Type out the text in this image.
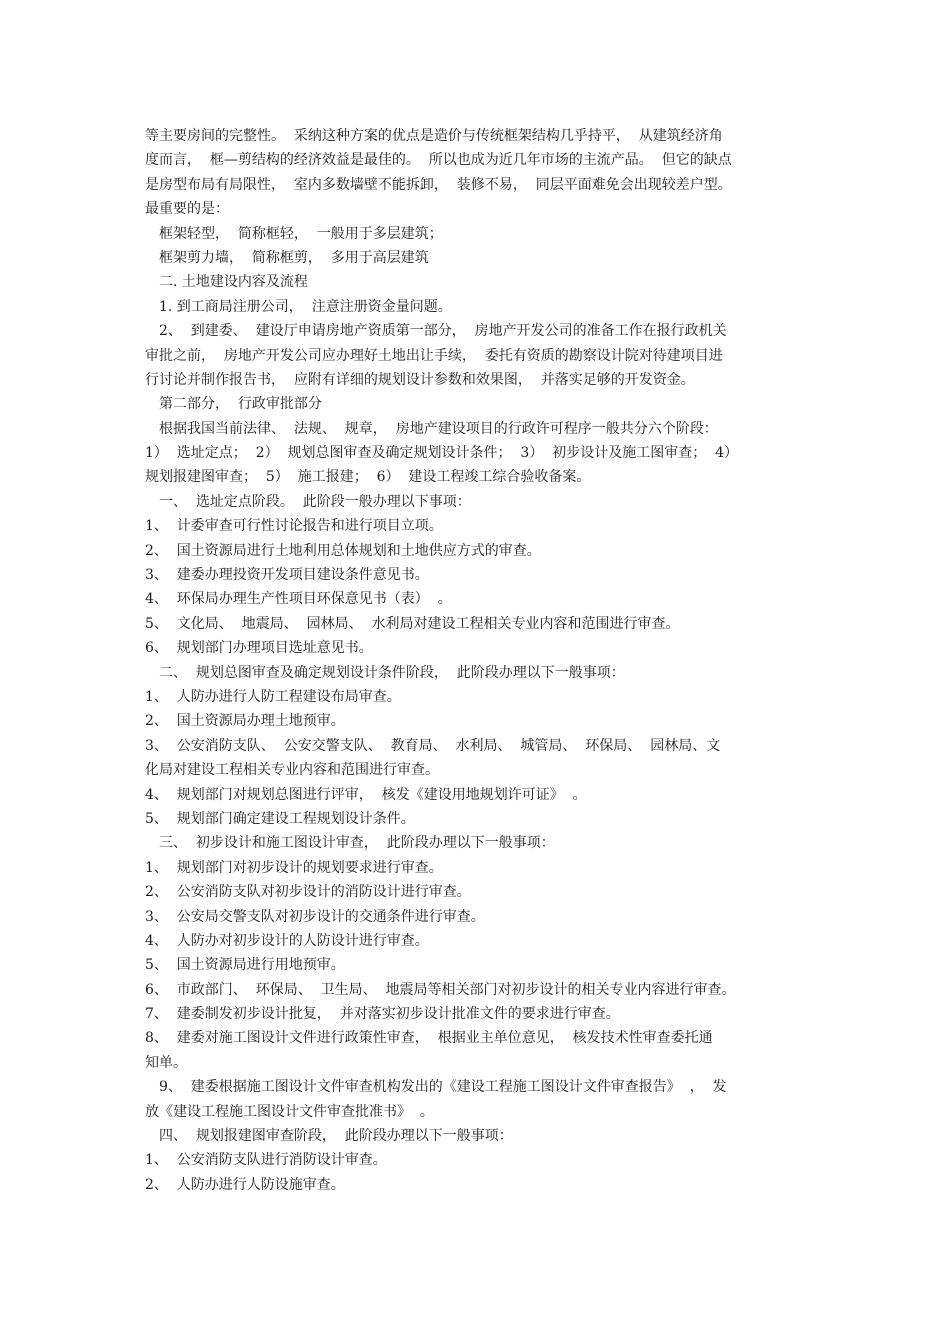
等主要房间的完整性。  采纳这种方案的优点是造价与传统框架结构几乎持平，  从建筑经济角
度而言，  框—剪结构的经济效益是最佳的。  所以也成为近几年市场的主流产品。  但它的缺点
是房型布局有局限性，  室内多数墙壁不能拆卸，  装修不易，  同层平面难免会出现较差户型。
最重要的是：
框架轻型，  简称框轻，  一般用于多层建筑；
框架剪力墙，  简称框剪，  多用于高层建筑
二. 土地建设内容及流程
1. 到工商局注册公司，  注意注册资金量问题。
2、  到建委、  建设厅申请房地产资质第一部分，  房地产开发公司的准备工作在报行政机关
审批之前，  房地产开发公司应办理好土地出让手续，  委托有资质的勘察设计院对待建项目进
行讨论并制作报告书，  应附有详细的规划设计参数和效果图，  并落实足够的开发资金。
第二部分，  行政审批部分
根据我国当前法律、  法规、  规章，  房地产建设项目的行政许可程序一般共分六个阶段：
1）  选址定点；  2）  规划总图审查及确定规划设计条件；  3）  初步设计及施工图审查；  4）
规划报建图审查；  5）  施工报建；  6）  建设工程竣工综合验收备案。
一、  选址定点阶段。  此阶段一般办理以下事项：
1、  计委审查可行性讨论报告和进行项目立项。
2、  国土资源局进行土地利用总体规划和土地供应方式的审查。
3、  建委办理投资开发项目建设条件意见书。
4、  环保局办理生产性项目环保意见书（表）  。
5、  文化局、  地震局、  园林局、  水利局对建设工程相关专业内容和范围进行审查。
6、  规划部门办理项目选址意见书。
二、  规划总图审查及确定规划设计条件阶段，  此阶段办理以下一般事项：
1、  人防办进行人防工程建设布局审查。
2、  国土资源局办理土地预审。
3、  公安消防支队、  公安交警支队、  教育局、  水利局、  城管局、  环保局、  园林局、文
化局对建设工程相关专业内容和范围进行审查。
4、  规划部门对规划总图进行评审，  核发《建设用地规划许可证》  。
5、  规划部门确定建设工程规划设计条件。
三、  初步设计和施工图设计审查，  此阶段办理以下一般事项：
1、  规划部门对初步设计的规划要求进行审查。
2、  公安消防支队对初步设计的消防设计进行审查。
3、  公安局交警支队对初步设计的交通条件进行审查。
4、  人防办对初步设计的人防设计进行审查。
5、  国土资源局进行用地预审。
6、  市政部门、  环保局、  卫生局、  地震局等相关部门对初步设计的相关专业内容进行审查。
7、  建委制发初步设计批复，  并对落实初步设计批准文件的要求进行审查。
8、  建委对施工图设计文件进行政策性审查，  根据业主单位意见，  核发技术性审查委托通
知单。
9、  建委根据施工图设计文件审查机构发出的《建设工程施工图设计文件审查报告》  ，  发
放《建设工程施工图设计文件审查批准书》  。
四、  规划报建图审查阶段，  此阶段办理以下一般事项：
1、  公安消防支队进行消防设计审查。
2、  人防办进行人防设施审查。
